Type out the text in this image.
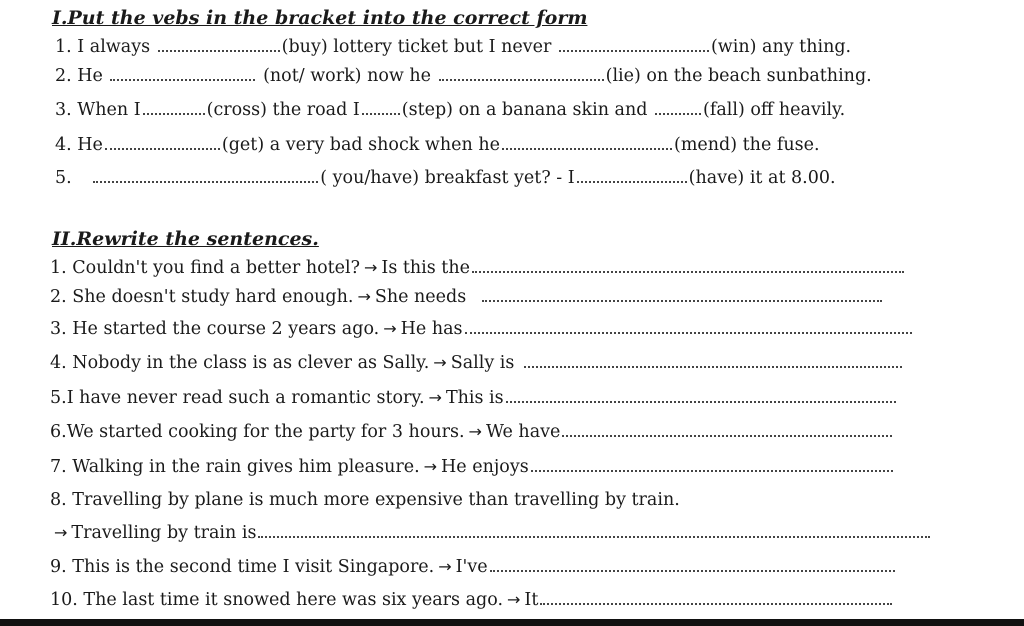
I.Put the vebs in the bracket into the correct form
1. I always	(buy) lottery ticket but I never	(win) any thing.
2. He	(not/ work) now he	(lie) on the beach sunbathing.
3. When I	(cross) the road I (step) on a banana skin and	(fall) off heavily.
4. He	(get) a very bad shock when he	(mend) the fuse.
5.	( you/have) breakfast yet? - I	(have) it at 8.00.
II.Rewrite the sentences.
1. Couldn't you find a better hotel? → Is this the
2. She doesn't study hard enough. → She needs
3. He started the course 2 years ago. → He has
4. Nobody in the class is as clever as Sally. → Sally is
5.I have never read such a romantic story. → This is
6.We started cooking for the party for 3 hours. → We have
7. Walking in the rain gives him pleasure. → He enjoys
8. Travelling by plane is much more expensive than travelling by train.
→ Travelling by train is
9. This is the second time I visit Singapore. → I've
10. The last time it snowed here was six years ago. → It
